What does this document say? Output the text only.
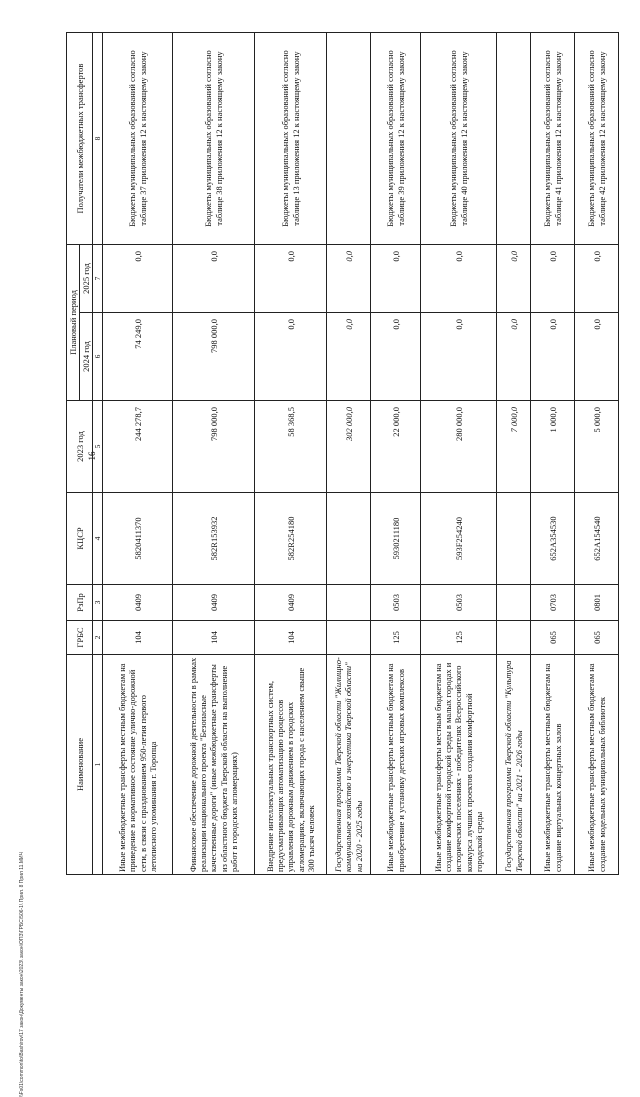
16
\\Fs01\common\to\Bashirov\17 закон\Документы закон\2023\ закон\ОПЗ\ГРБС\506-1\ Прил. 8 Прил 11.МИЧ
Наименование	ГРБС	РзПр	КЦСР	2023 год	Плановый период		Получатели межбюджетных трансфертов
					2024 год	2025 год	
1	2	3	4	5	6	7	8
Иные межбюджетные трансферты местным бюджетам на приведение в нормативное состояние улично-дорожной сети, в связи с празднованием 950-летия первого летописного упоминания г. Торопца	104	0409	5820411370	244 278,7	74 249,0	0,0	Бюджеты муниципальных образований согласно таблице 37 приложения 12 к настоящему закону
Финансовое обеспечение дорожной деятельности в рамках реализации национального проекта "Безопасные качественные дороги" (иные межбюджетные трансферты из областного бюджета Тверской области на выполнение работ в городских агломерациях)	104	0409	582R153932	798 000,0	798 000,0	0,0	Бюджеты муниципальных образований согласно таблице 38 приложения 12 к настоящему закону
Внедрение интеллектуальных транспортных систем, предусматривающих автоматизацию процессов управления дорожным движением в городских агломерациях, включающих города с населением свыше 300 тысяч человек	104	0409	582R254180	58 368,5	0,0	0,0	Бюджеты муниципальных образований согласно таблице 13 приложения 12 к настоящему закону
Государственная программа Тверской области "Жилищно-коммунальное хозяйство и энергетика Тверской области" на 2020 - 2025 годы				302 000,0	0,0	0,0	
Иные межбюджетные трансферты местным бюджетам на приобретение и установку детских игровых комплексов	125	0503	5930211180	22 000,0	0,0	0,0	Бюджеты муниципальных образований согласно таблице 39 приложения 12 к настоящему закону
Иные межбюджетные трансферты местным бюджетам на создание комфортной городской среды в малых городах и исторических поселениях - победителях Всероссийского конкурса лучших проектов создания комфортной городской среды	125	0503	593F254240	280 000,0	0,0	0,0	Бюджеты муниципальных образований согласно таблице 40 приложения 12 к настоящему закону
Государственная программа Тверской области "Культура Тверской области" на 2021 - 2026 годы				7 000,0	0,0	0,0	
Иные межбюджетные трансферты местным бюджетам на создание виртуальных концертных залов	065	0703	652A354530	1 000,0	0,0	0,0	Бюджеты муниципальных образований согласно таблице 41 приложения 12 к настоящему закону
Иные межбюджетные трансферты местным бюджетам на создание модельных муниципальных библиотек	065	0801	652A154540	5 000,0	0,0	0,0	Бюджеты муниципальных образований согласно таблице 42 приложения 12 к настоящему закону
